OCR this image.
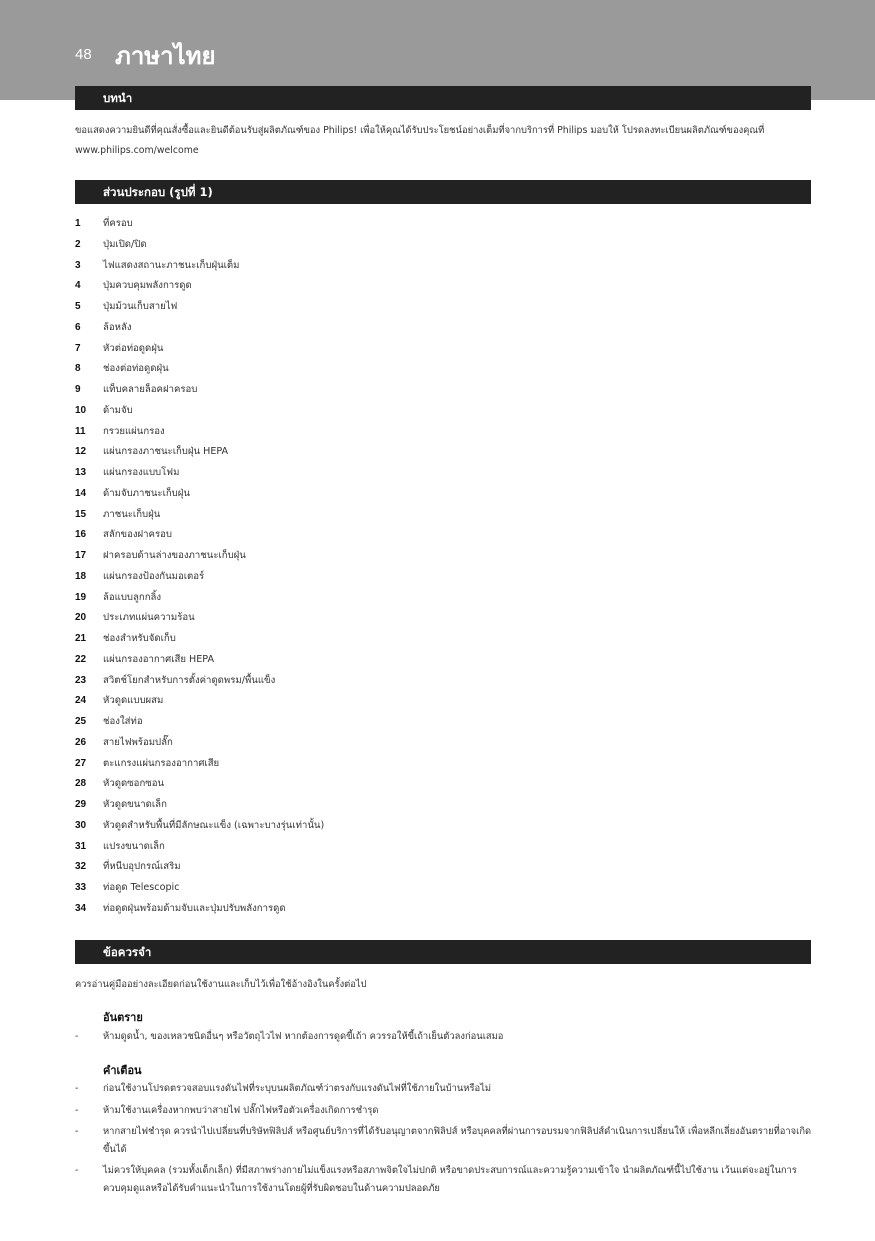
48 ภาษาไทย
บทนำ
ขอแสดงความยินดีที่คุณสั่งซื้อและยินดีต้อนรับสู่ผลิตภัณฑ์ของ Philips! เพื่อให้คุณได้รับประโยชน์อย่างเต็มที่จากบริการที่ Philips มอบให้ โปรดลงทะเบียนผลิตภัณฑ์ของคุณที่ www.philips.com/welcome
ส่วนประกอบ (รูปที่ 1)
1	ที่ครอบ
2	ปุ่มเปิด/ปิด
3	ไฟแสดงสถานะภาชนะเก็บฝุ่นเต็ม
4	ปุ่มควบคุมพลังการดูด
5	ปุ่มม้วนเก็บสายไฟ
6	ล้อหลัง
7	หัวต่อท่อดูดฝุ่น
8	ช่องต่อท่อดูดฝุ่น
9	แท็บคลายล็อคฝาครอบ
10	ด้ามจับ
11	กรวยแผ่นกรอง
12	แผ่นกรองภาชนะเก็บฝุ่น HEPA
13	แผ่นกรองแบบโฟม
14	ด้ามจับภาชนะเก็บฝุ่น
15	ภาชนะเก็บฝุ่น
16	สลักของฝาครอบ
17	ฝาครอบด้านล่างของภาชนะเก็บฝุ่น
18	แผ่นกรองป้องกันมอเตอร์
19	ล้อแบบลูกกลิ้ง
20	ประเภทแผ่นความร้อน
21	ช่องสำหรับจัดเก็บ
22	แผ่นกรองอากาศเสีย HEPA
23	สวิตช์โยกสำหรับการตั้งค่าดูดพรม/พื้นแข็ง
24	หัวดูดแบบผสม
25	ช่องใส่ท่อ
26	สายไฟพร้อมปลั๊ก
27	ตะแกรงแผ่นกรองอากาศเสีย
28	หัวดูดซอกซอน
29	หัวดูดขนาดเล็ก
30	หัวดูดสำหรับพื้นที่มีลักษณะแข็ง (เฉพาะบางรุ่นเท่านั้น)
31	แปรงขนาดเล็ก
32	ที่หนีบอุปกรณ์เสริม
33	ท่อดูด Telescopic
34	ท่อดูดฝุ่นพร้อมด้ามจับและปุ่มปรับพลังการดูด
ข้อควรจำ
ควรอ่านคู่มืออย่างละเอียดก่อนใช้งานและเก็บไว้เพื่อใช้อ้างอิงในครั้งต่อไป
อันตราย
-	ห้ามดูดน้ำ, ของเหลวชนิดอื่นๆ หรือวัตถุไวไฟ หากต้องการดูดขี้เถ้า ควรรอให้ขี้เถ้าเย็นตัวลงก่อนเสมอ
คำเตือน
-	ก่อนใช้งานโปรดตรวจสอบแรงดันไฟที่ระบุบนผลิตภัณฑ์ว่าตรงกับแรงดันไฟที่ใช้ภายในบ้านหรือไม่
-	ห้ามใช้งานเครื่องหากพบว่าสายไฟ ปลั๊กไฟหรือตัวเครื่องเกิดการชำรุด
-	หากสายไฟชำรุด ควรนำไปเปลี่ยนที่บริษัทฟิลิปส์ หรือศูนย์บริการที่ได้รับอนุญาตจากฟิลิปส์ หรือบุคคลที่ผ่านการอบรมจากฟิลิปส์ดำเนินการเปลี่ยนให้ เพื่อหลีกเลี่ยงอันตรายที่อาจเกิดขึ้นได้
-	ไม่ควรให้บุคคล (รวมทั้งเด็กเล็ก) ที่มีสภาพร่างกายไม่แข็งแรงหรือสภาพจิตใจไม่ปกติ หรือขาดประสบการณ์และความรู้ความเข้าใจ นำผลิตภัณฑ์นี้ไปใช้งาน เว้นแต่จะอยู่ในการควบคุมดูแลหรือได้รับคำแนะนำในการใช้งานโดยผู้ที่รับผิดชอบในด้านความปลอดภัย
